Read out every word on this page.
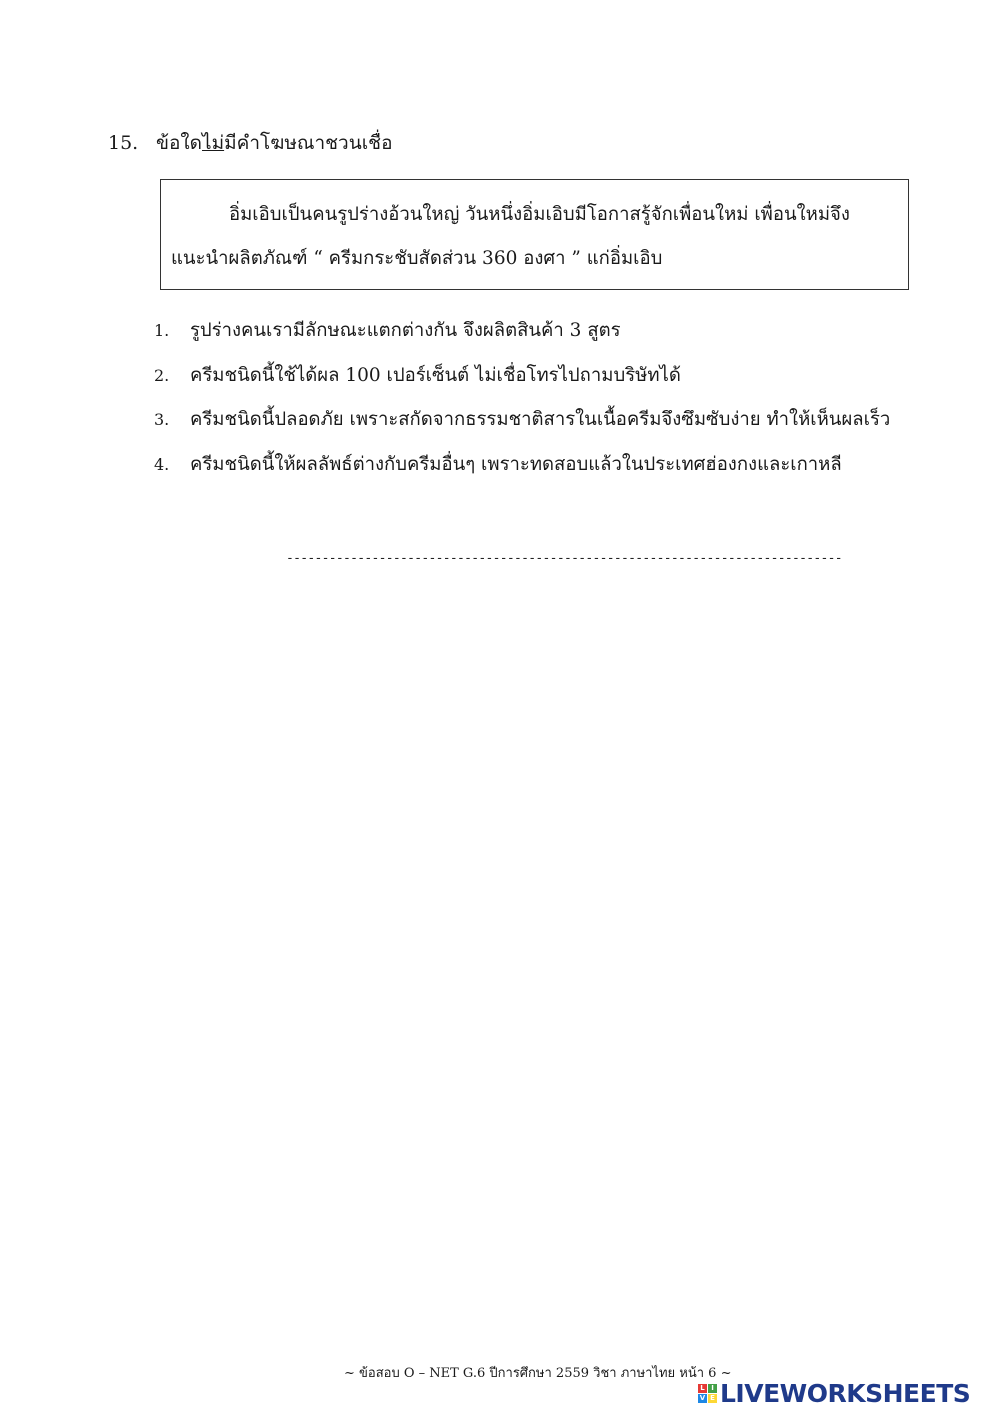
15. ข้อใดไม่มีคำโฆษณาชวนเชื่อ
อิ่มเอิบเป็นคนรูปร่างอ้วนใหญ่ วันหนึ่งอิ่มเอิบมีโอกาสรู้จักเพื่อนใหม่ เพื่อนใหม่จึง
แนะนำผลิตภัณฑ์ “ ครีมกระชับสัดส่วน 360 องศา ” แก่อิ่มเอิบ
1.	รูปร่างคนเรามีลักษณะแตกต่างกัน จึงผลิตสินค้า 3 สูตร
2.	ครีมชนิดนี้ใช้ได้ผล 100 เปอร์เซ็นต์ ไม่เชื่อโทรไปถามบริษัทได้
3.	ครีมชนิดนี้ปลอดภัย เพราะสกัดจากธรรมชาติสารในเนื้อครีมจึงซึมซับง่าย ทำให้เห็นผลเร็ว
4.	ครีมชนิดนี้ให้ผลลัพธ์ต่างกับครีมอื่นๆ เพราะทดสอบแล้วในประเทศฮ่องกงและเกาหลี
------------------------------------------------------------------------------
~ ข้อสอบ O – NET G.6 ปีการศึกษา 2559 วิชา ภาษาไทย หน้า 6 ~
L I
V E LIVEWORKSHEETS
